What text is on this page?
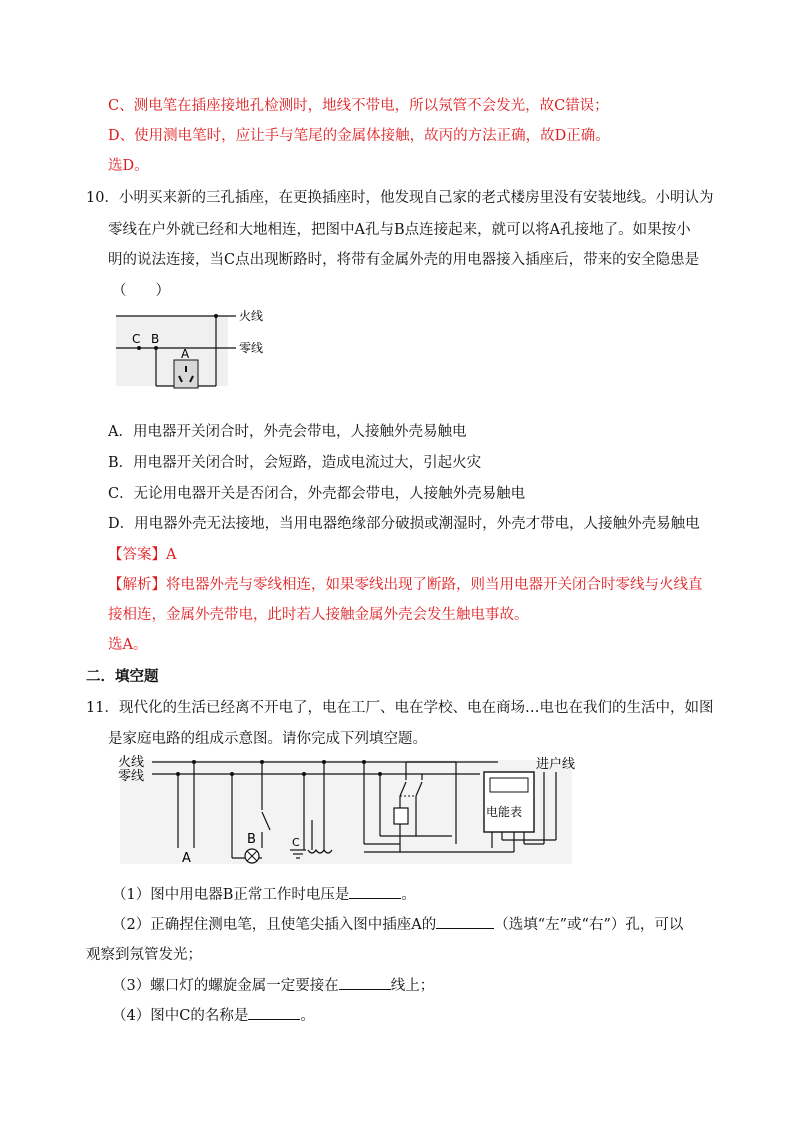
C、测电笔在插座接地孔检测时，地线不带电，所以氖管不会发光，故C错误；
D、使用测电笔时，应让手与笔尾的金属体接触，故丙的方法正确，故D正确。
选D。
10．小明买来新的三孔插座，在更换插座时，他发现自己家的老式楼房里没有安装地线。小明认为
零线在户外就已经和大地相连，把图中A孔与B点连接起来，就可以将A孔接地了。如果按小
明的说法连接，当C点出现断路时，将带有金属外壳的用电器接入插座后，带来的安全隐患是
（　　）
C B
A
火线
零线
A．用电器开关闭合时，外壳会带电，人接触外壳易触电
B．用电器开关闭合时，会短路，造成电流过大，引起火灾
C．无论用电器开关是否闭合，外壳都会带电，人接触外壳易触电
D．用电器外壳无法接地，当用电器绝缘部分破损或潮湿时，外壳才带电，人接触外壳易触电
【答案】A
【解析】将电器外壳与零线相连，如果零线出现了断路，则当用电器开关闭合时零线与火线直
接相连，金属外壳带电，此时若人接触金属外壳会发生触电事故。
选A。
二．填空题
11．现代化的生活已经离不开电了，电在工厂、电在学校、电在商场…电也在我们的生活中，如图
是家庭电路的组成示意图。请你完成下列填空题。
火线
零线
进户线
电能表
A
B	C
（1）图中用电器B正常工作时电压是	。
（2）正确捏住测电笔，且使笔尖插入图中插座A的	（选填“左”或“右”）孔，可以
观察到氖管发光；
（3）螺口灯的螺旋金属一定要接在	线上；
（4）图中C的名称是	。
